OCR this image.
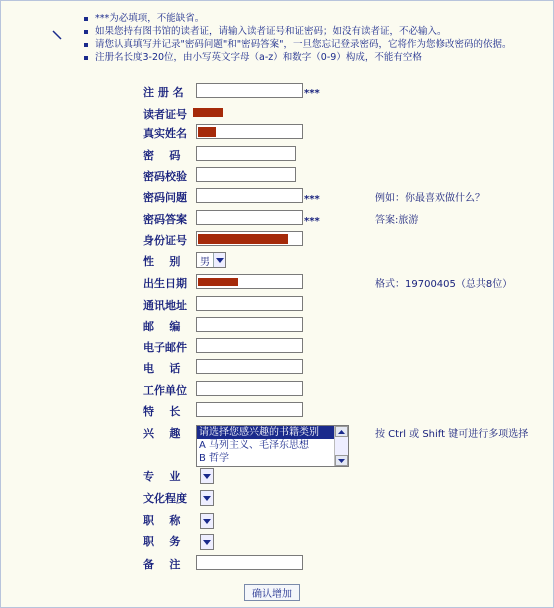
***为必填项，不能缺省。
如果您持有图书馆的读者证，请输入读者证号和证密码；如没有读者证，不必输入。
请您认真填写并记录"密码问题"和"密码答案"，一旦您忘记登录密码，它将作为您修改密码的依据。
注册名长度3-20位，由小写英文字母（a-z）和数字（0-9）构成，不能有空格
注 册 名	***
读者证号
真实姓名
密    码
密码校验
密码问题	***	例如：你最喜欢做什么？
密码答案	***	答案:旅游
身份证号
性    别	男
出生日期	格式：19700405（总共8位）
通讯地址
邮    编
电子邮件
电    话
工作单位
特    长
兴    趣	请选择您感兴趣的书籍类别
A 马列主义、毛泽东思想
B 哲学
按 Ctrl 或 Shift 键可进行多项选择
专    业
文化程度
职    称
职    务
备    注
确认增加
